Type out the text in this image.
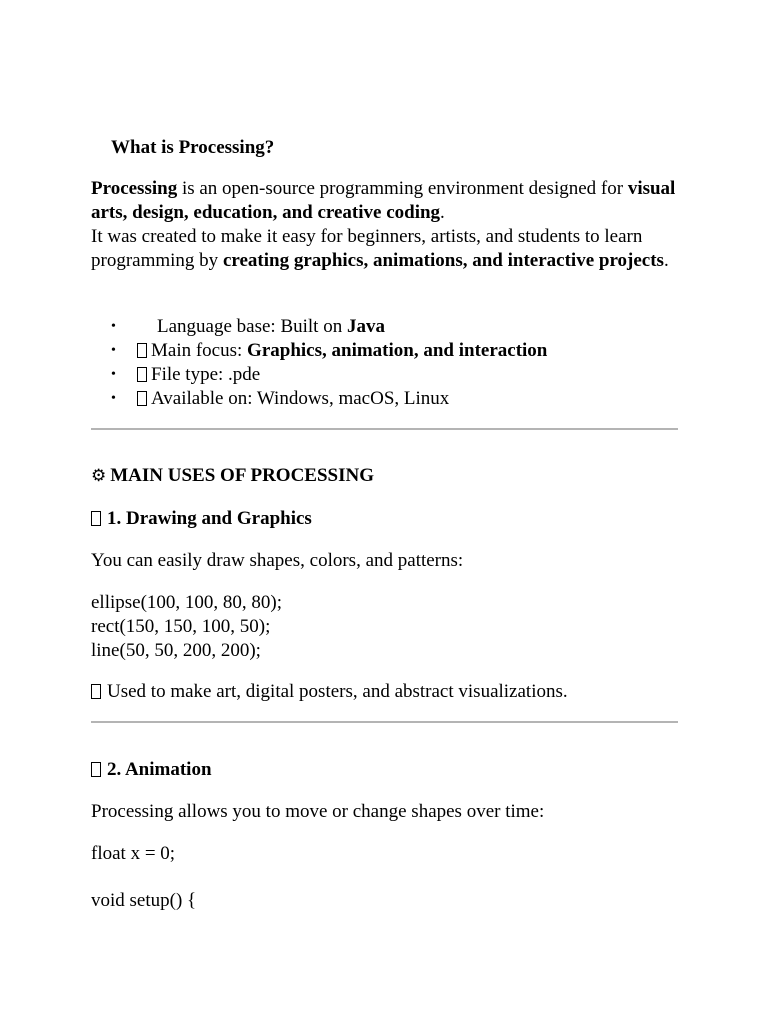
What is Processing?
Processing is an open-source programming environment designed for visual arts, design, education, and creative coding.
It was created to make it easy for beginners, artists, and students to learn programming by creating graphics, animations, and interactive projects.
• Language base: Built on Java
• Main focus: Graphics, animation, and interaction
• File type: .pde
• Available on: Windows, macOS, Linux
⚙ MAIN USES OF PROCESSING
1. Drawing and Graphics
You can easily draw shapes, colors, and patterns:
ellipse(100, 100, 80, 80);
rect(150, 150, 100, 50);
line(50, 50, 200, 200);
Used to make art, digital posters, and abstract visualizations.
2. Animation
Processing allows you to move or change shapes over time:
float x = 0;
void setup() {
